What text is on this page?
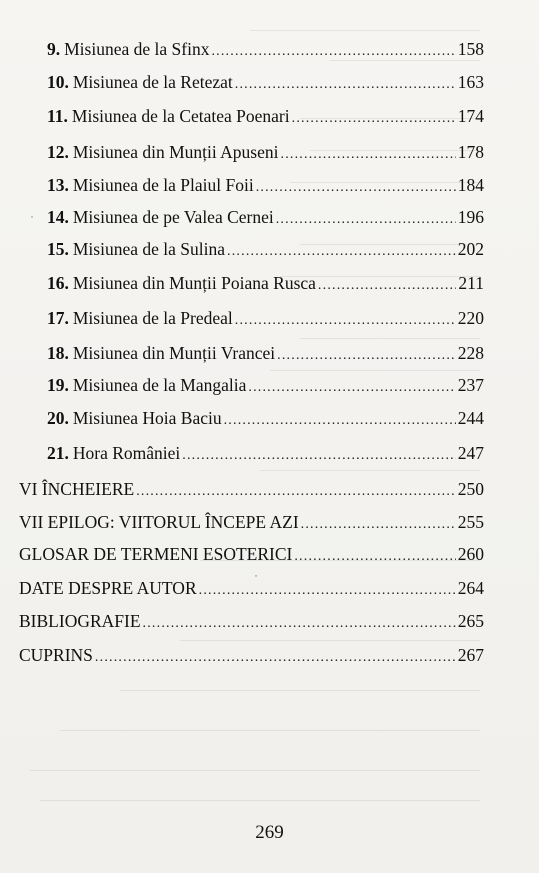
9. Misiunea de la Sfinx .....	158
10. Misiunea de la Retezat .....	163
11. Misiunea de la Cetatea Poenari .....	174
12. Misiunea din Munții Apuseni .....	178
13. Misiunea de la Plaiul Foii .....	184
14. Misiunea de pe Valea Cernei .....	196
15. Misiunea de la Sulina .....	202
16. Misiunea din Munții Poiana Rusca .....	211
17. Misiunea de la Predeal .....	220
18. Misiunea din Munții Vrancei .....	228
19. Misiunea de la Mangalia .....	237
20. Misiunea Hoia Baciu .....	244
21. Hora României .....	247
VI ÎNCHEIERE .....	250
VII EPILOG: VIITORUL ÎNCEPE AZI .....	255
GLOSAR DE TERMENI ESOTERICI .....	260
DATE DESPRE AUTOR .....	264
BIBLIOGRAFIE .....	265
CUPRINS .....	267
˙
˙
269
